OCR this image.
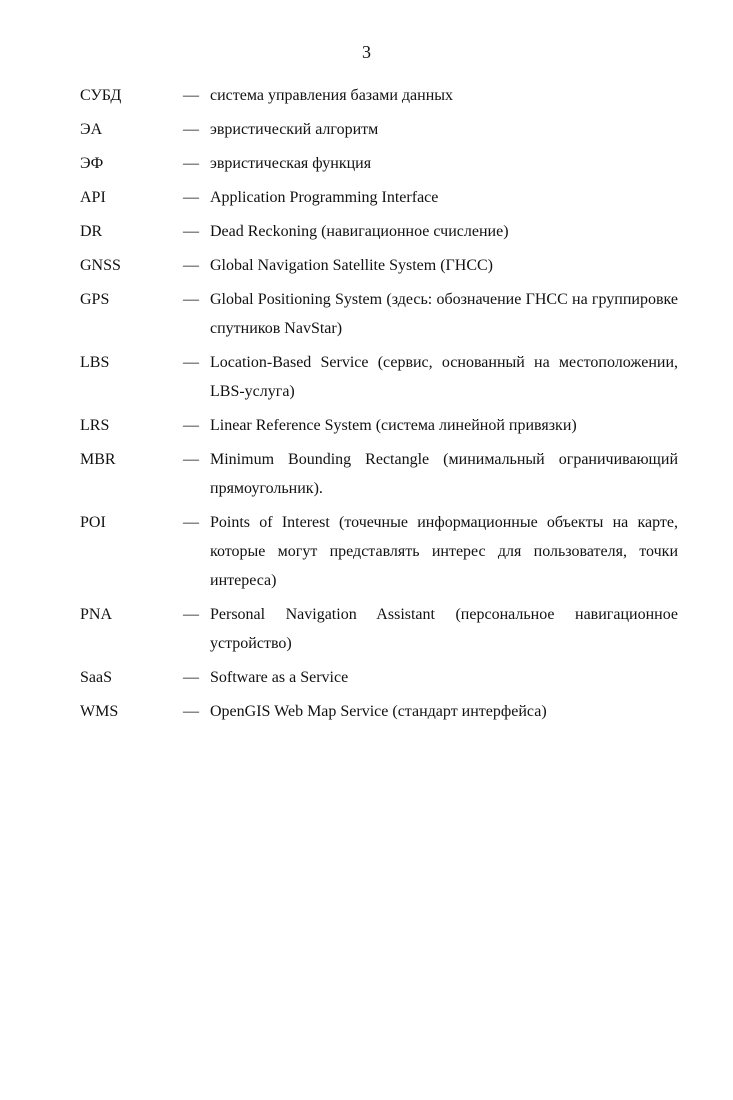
3
СУБД	— система управления базами данных
ЭА	— эвристический алгоритм
ЭФ	— эвристическая функция
API	— Application Programming Interface
DR	— Dead Reckoning (навигационное счисление)
GNSS	— Global Navigation Satellite System (ГНСС)
GPS	— Global Positioning System (здесь: обозначение ГНСС на группировке спутников NavStar)
LBS	— Location-Based Service (сервис, основанный на местоположении, LBS-услуга)
LRS	— Linear Reference System (система линейной привязки)
MBR	— Minimum Bounding Rectangle (минимальный ограничивающий прямоугольник).
POI	— Points of Interest (точечные информационные объекты на карте, которые могут представлять интерес для пользователя, точки интереса)
PNA	— Personal Navigation Assistant (персональное навигационное устройство)
SaaS	— Software as a Service
WMS	— OpenGIS Web Map Service (стандарт интерфейса)
